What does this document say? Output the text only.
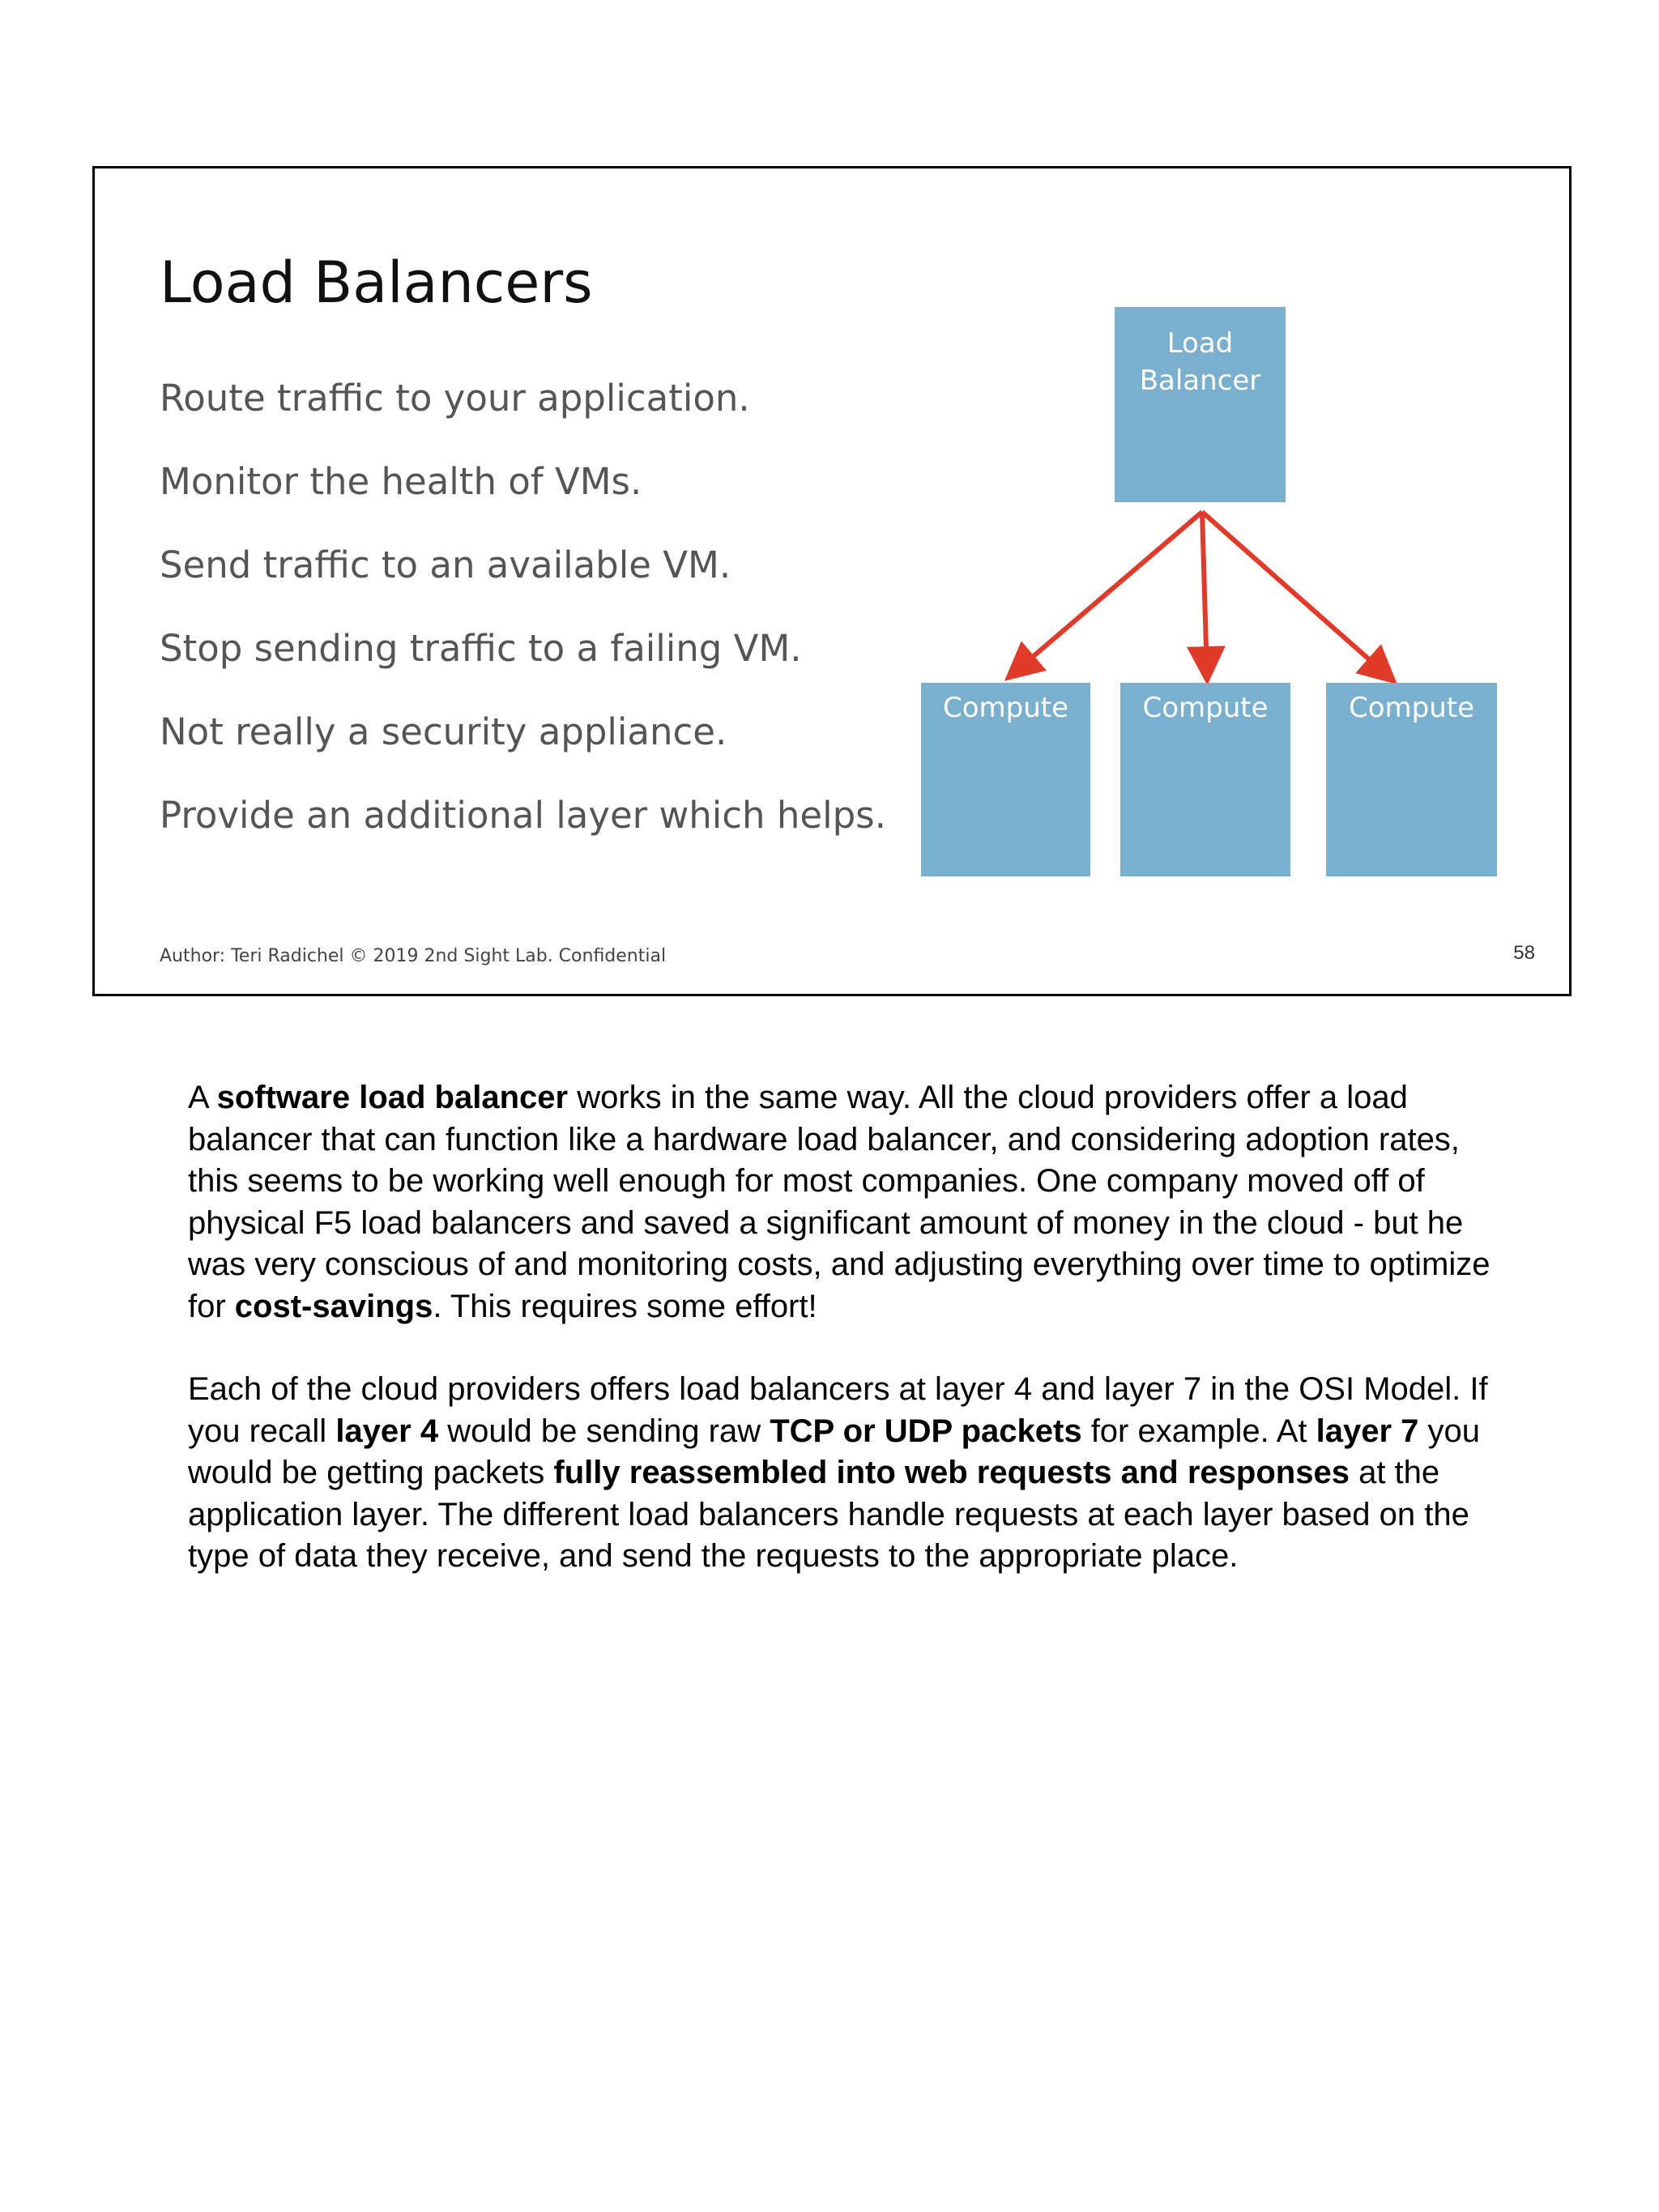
Load Balancers
Route traffic to your application.
Monitor the health of VMs.
Send traffic to an available VM.
Stop sending traffic to a failing VM.
Not really a security appliance.
Provide an additional layer which helps.
Load
Balancer
Compute	Compute	Compute
Author: Teri Radichel © 2019 2nd Sight Lab. Confidential	58

A software load balancer works in the same way. All the cloud providers offer a load balancer that can function like a hardware load balancer, and considering adoption rates, this seems to be working well enough for most companies. One company moved off of physical F5 load balancers and saved a significant amount of money in the cloud - but he was very conscious of and monitoring costs, and adjusting everything over time to optimize for cost-savings. This requires some effort!

Each of the cloud providers offers load balancers at layer 4 and layer 7 in the OSI Model. If you recall layer 4 would be sending raw TCP or UDP packets for example. At layer 7 you would be getting packets fully reassembled into web requests and responses at the application layer. The different load balancers handle requests at each layer based on the type of data they receive, and send the requests to the appropriate place.
